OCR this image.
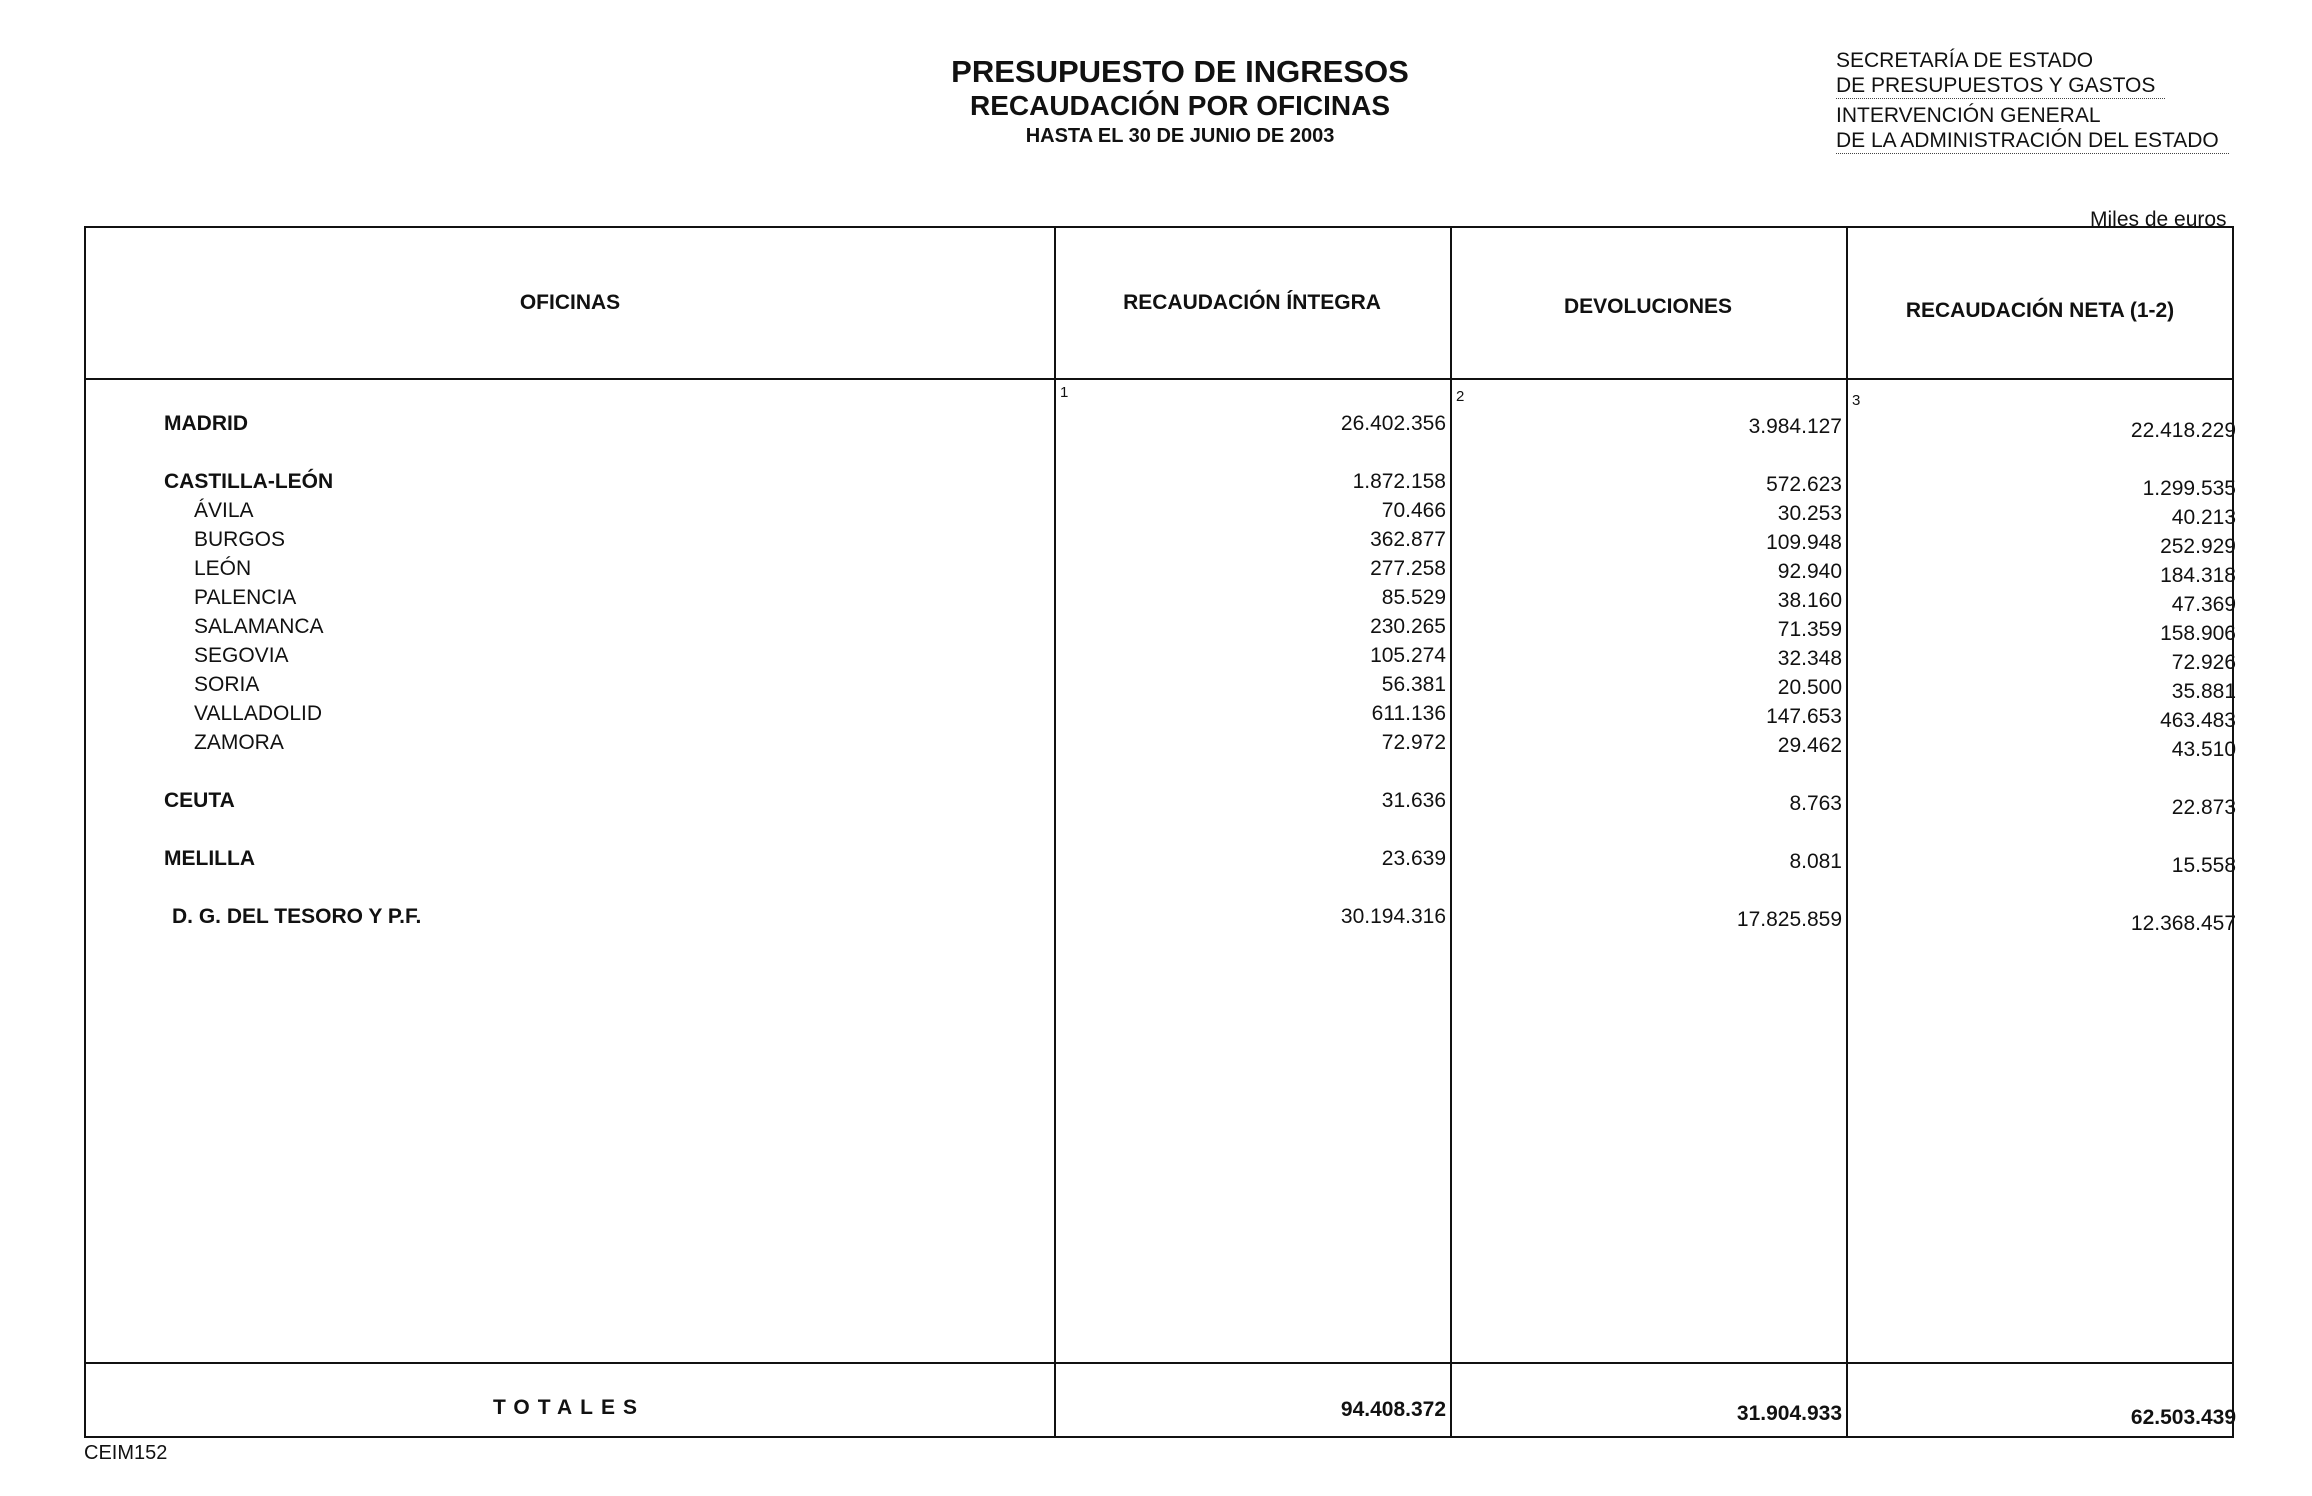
PRESUPUESTO DE INGRESOS
RECAUDACIÓN POR OFICINAS
HASTA EL 30 DE JUNIO DE 2003
SECRETARÍA DE ESTADO
DE PRESUPUESTOS Y GASTOS
INTERVENCIÓN GENERAL
DE LA ADMINISTRACIÓN DEL ESTADO
Miles de euros
OFICINAS	RECAUDACIÓN ÍNTEGRA	DEVOLUCIONES	RECAUDACIÓN NETA (1-2)
1	2	3
MADRID	26.402.356	3.984.127	22.418.229
CASTILLA-LEÓN	1.872.158	572.623	1.299.535
ÁVILA	70.466	30.253	40.213
BURGOS	362.877	109.948	252.929
LEÓN	277.258	92.940	184.318
PALENCIA	85.529	38.160	47.369
SALAMANCA	230.265	71.359	158.906
SEGOVIA	105.274	32.348	72.926
SORIA	56.381	20.500	35.881
VALLADOLID	611.136	147.653	463.483
ZAMORA	72.972	29.462	43.510
CEUTA	31.636	8.763	22.873
MELILLA	23.639	8.081	15.558
D. G. DEL TESORO Y P.F.	30.194.316	17.825.859	12.368.457
TOTALES	94.408.372	31.904.933	62.503.439
CEIM152
